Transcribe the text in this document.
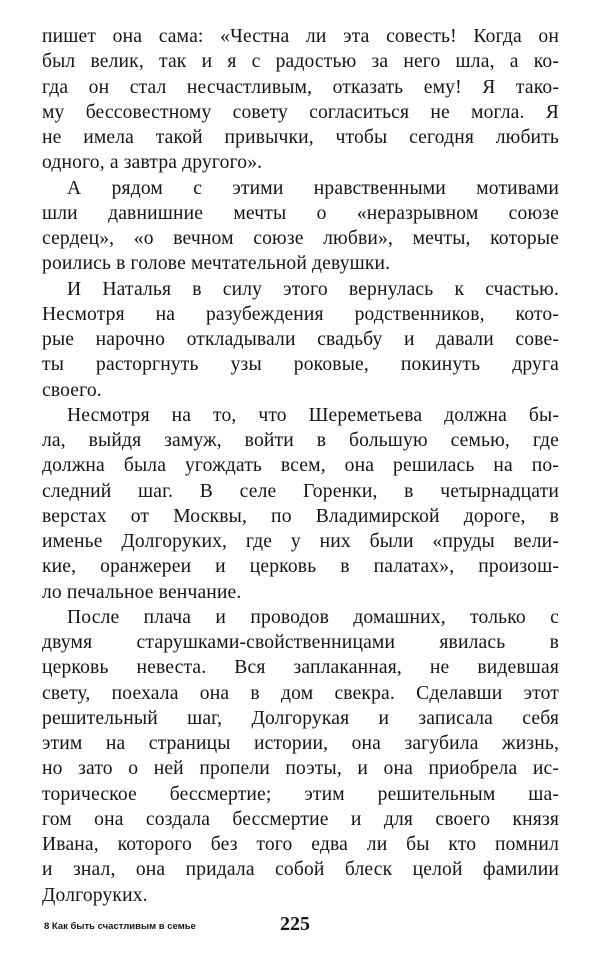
пишет она сама: «Честна ли эта совесть! Когда он
был велик, так и я с радостью за него шла, а ко-
гда он стал несчастливым, отказать ему! Я тако-
му бессовестному совету согласиться не могла. Я
не имела такой привычки, чтобы сегодня любить
одного, а завтра другого».
А рядом с этими нравственными мотивами
шли давнишние мечты о «неразрывном союзе
сердец», «о вечном союзе любви», мечты, которые
роились в голове мечтательной девушки.
И Наталья в силу этого вернулась к счастью.
Несмотря на разубеждения родственников, кото-
рые нарочно откладывали свадьбу и давали сове-
ты расторгнуть узы роковые, покинуть друга
своего.
Несмотря на то, что Шереметьева должна бы-
ла, выйдя замуж, войти в большую семью, где
должна была угождать всем, она решилась на по-
следний шаг. В селе Горенки, в четырнадцати
верстах от Москвы, по Владимирской дороге, в
именье Долгоруких, где у них были «пруды вели-
кие, оранжереи и церковь в палатах», произош-
ло печальное венчание.
После плача и проводов домашних, только с
двумя старушками-свойственницами явилась в
церковь невеста. Вся заплаканная, не видевшая
свету, поехала она в дом свекра. Сделавши этот
решительный шаг, Долгорукая и записала себя
этим на страницы истории, она загубила жизнь,
но зато о ней пропели поэты, и она приобрела ис-
торическое бессмертие; этим решительным ша-
гом она создала бессмертие и для своего князя
Ивана, которого без того едва ли бы кто помнил
и знал, она придала собой блеск целой фамилии
Долгоруких.
8 Как быть счастливым в семье	225
